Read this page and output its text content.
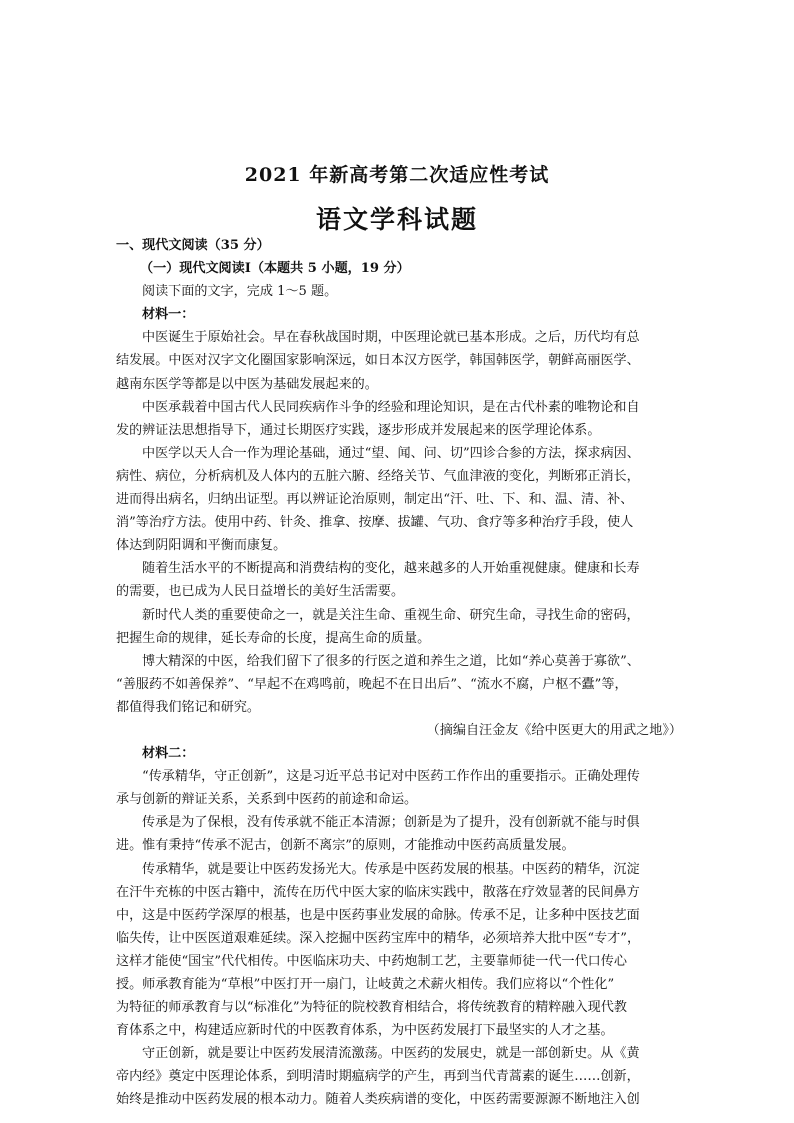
2021 年新高考第二次适应性考试
语文学科试题
一、现代文阅读（35 分）
（一）现代文阅读Ⅰ（本题共 5 小题，19 分）
阅读下面的文字，完成 1～5 题。
材料一：
中医诞生于原始社会。早在春秋战国时期，中医理论就已基本形成。之后，历代均有总
结发展。中医对汉字文化圈国家影响深远，如日本汉方医学，韩国韩医学，朝鲜高丽医学、
越南东医学等都是以中医为基础发展起来的。
中医承载着中国古代人民同疾病作斗争的经验和理论知识，是在古代朴素的唯物论和自
发的辨证法思想指导下，通过长期医疗实践，逐步形成并发展起来的医学理论体系。
中医学以天人合一作为理论基础，通过“望、闻、问、切”四诊合参的方法，探求病因、
病性、病位，分析病机及人体内的五脏六腑、经络关节、气血津液的变化，判断邪正消长，
进而得出病名，归纳出证型。再以辨证论治原则，制定出“汗、吐、下、和、温、清、补、
消”等治疗方法。使用中药、针灸、推拿、按摩、拔罐、气功、食疗等多种治疗手段，使人
体达到阴阳调和平衡而康复。
随着生活水平的不断提高和消费结构的变化，越来越多的人开始重视健康。健康和长寿
的需要，也已成为人民日益增长的美好生活需要。
新时代人类的重要使命之一，就是关注生命、重视生命、研究生命，寻找生命的密码，
把握生命的规律，延长寿命的长度，提高生命的质量。
博大精深的中医，给我们留下了很多的行医之道和养生之道，比如“养心莫善于寡欲”、
“善服药不如善保养”、“早起不在鸡鸣前，晚起不在日出后”、“流水不腐，户枢不蠹”等，
都值得我们铭记和研究。
（摘编自汪金友《给中医更大的用武之地》）
材料二：
“传承精华，守正创新”，这是习近平总书记对中医药工作作出的重要指示。正确处理传
承与创新的辩证关系，关系到中医药的前途和命运。
传承是为了保根，没有传承就不能正本清源；创新是为了提升，没有创新就不能与时俱
进。惟有秉持“传承不泥古，创新不离宗”的原则，才能推动中医药高质量发展。
传承精华，就是要让中医药发扬光大。传承是中医药发展的根基。中医药的精华，沉淀
在汗牛充栋的中医古籍中，流传在历代中医大家的临床实践中，散落在疗效显著的民间鼻方
中，这是中医药学深厚的根基，也是中医药事业发展的命脉。传承不足，让多种中医技艺面
临失传，让中医医道艰难延续。深入挖掘中医药宝库中的精华，必须培养大批中医“专才”，
这样才能使“国宝”代代相传。中医临床功夫、中药炮制工艺，主要靠师徒一代一代口传心
授。师承教育能为“草根”中医打开一扇门，让岐黄之术薪火相传。我们应将以“个性化”
为特征的师承教育与以“标准化”为特征的院校教育相结合，将传统教育的精粹融入现代教
育体系之中，构建适应新时代的中医教育体系，为中医药发展打下最坚实的人才之基。
守正创新，就是要让中医药发展清流激荡。中医药的发展史，就是一部创新史。从《黄
帝内经》奠定中医理论体系，到明清时期瘟病学的产生，再到当代青蒿素的诞生……创新，
始终是推动中医药发展的根本动力。随着人类疾病谱的变化，中医药需要源源不断地注入创
